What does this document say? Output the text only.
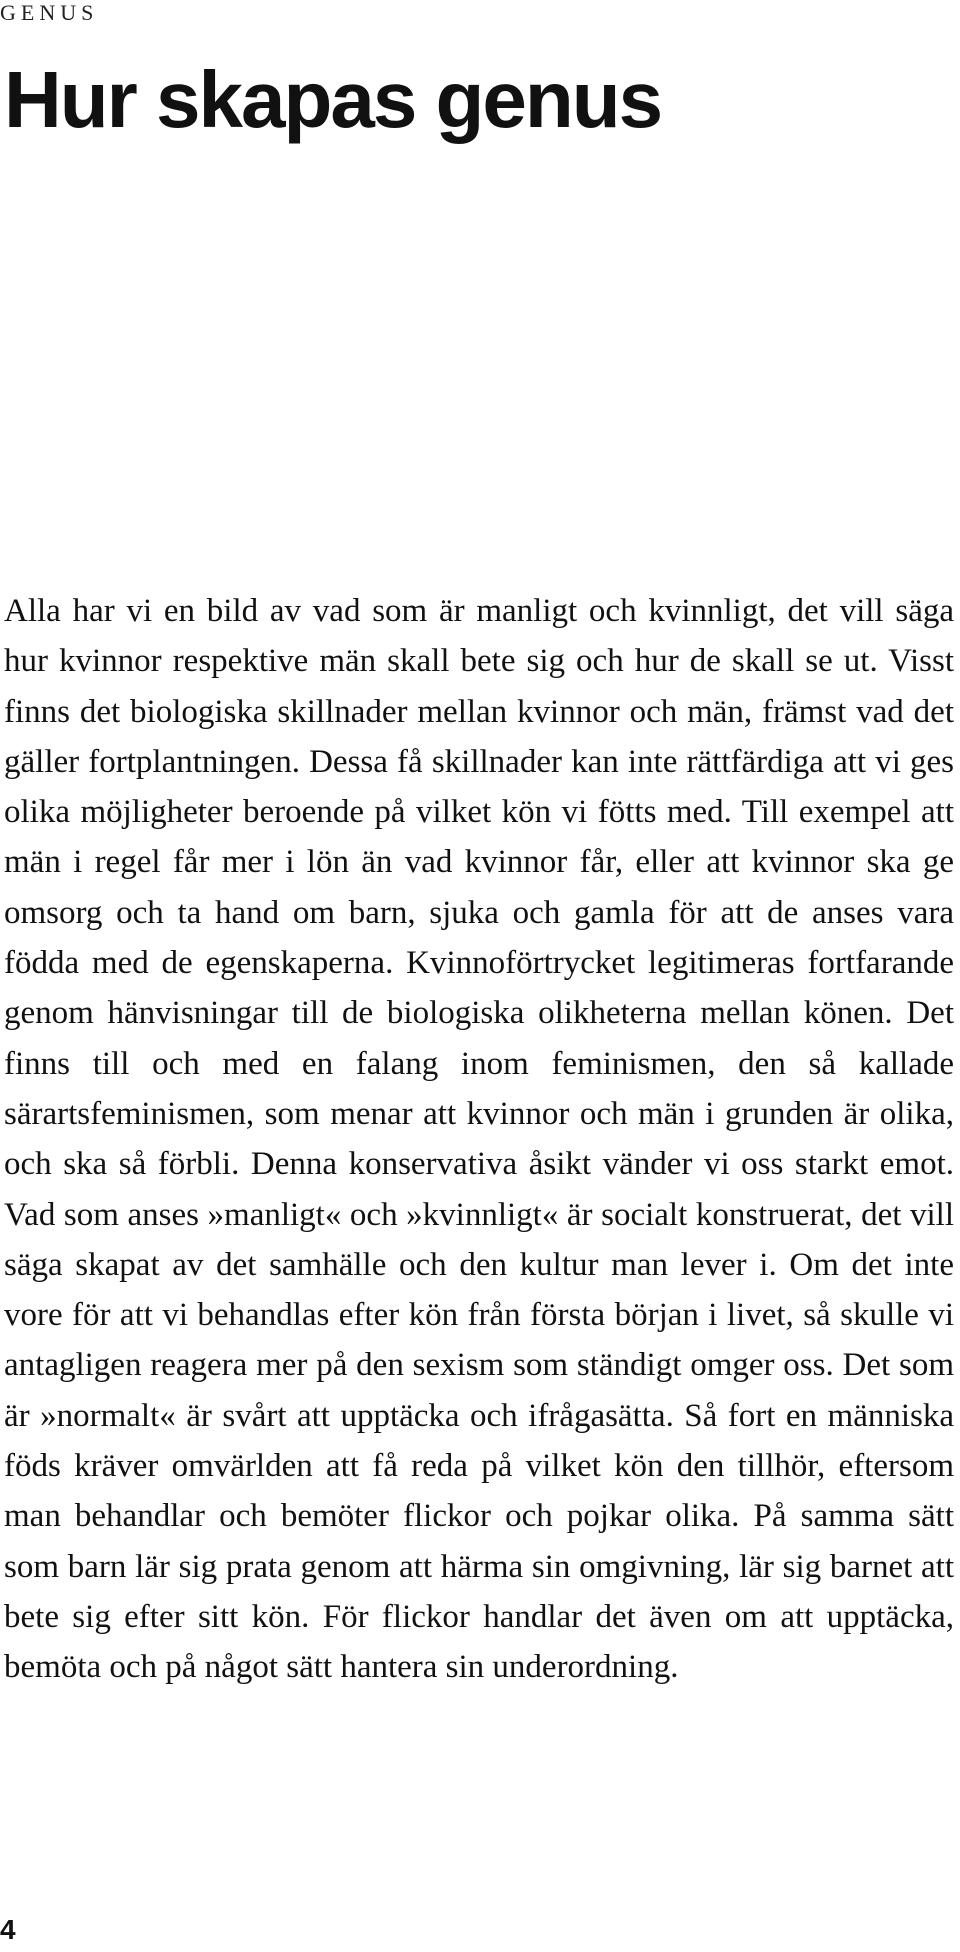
GENUS
Hur skapas genus

Alla har vi en bild av vad som är manligt och kvinnligt, det vill säga hur kvinnor respektive män skall bete sig och hur de skall se ut. Visst finns det biologiska skillnader mellan kvinnor och män, främst vad det gäller fortplantningen. Dessa få skillnader kan inte rättfärdiga att vi ges olika möjligheter beroende på vilket kön vi fötts med. Till exempel att män i regel får mer i lön än vad kvinnor får, eller att kvinnor ska ge omsorg och ta hand om barn, sjuka och gamla för att de anses vara födda med de egenskaperna. Kvinnoförtrycket legitimeras fortfarande genom hänvisningar till de biologiska olikheterna mellan könen. Det finns till och med en falang inom feminismen, den så kallade särartsfeminismen, som menar att kvinnor och män i grunden är olika, och ska så förbli. Denna konservativa åsikt vänder vi oss starkt emot. Vad som anses »manligt« och »kvinnligt« är socialt konstruerat, det vill säga skapat av det samhälle och den kultur man lever i. Om det inte vore för att vi behandlas efter kön från första början i livet, så skulle vi antagligen reagera mer på den sexism som ständigt omger oss. Det som är »normalt« är svårt att upptäcka och ifrågasätta. Så fort en människa föds kräver omvärlden att få reda på vilket kön den tillhör, eftersom man behandlar och bemöter flickor och pojkar olika. På samma sätt som barn lär sig prata genom att härma sin omgivning, lär sig barnet att bete sig efter sitt kön. För flickor handlar det även om att upptäcka, bemöta och på något sätt hantera sin underordning.

4
